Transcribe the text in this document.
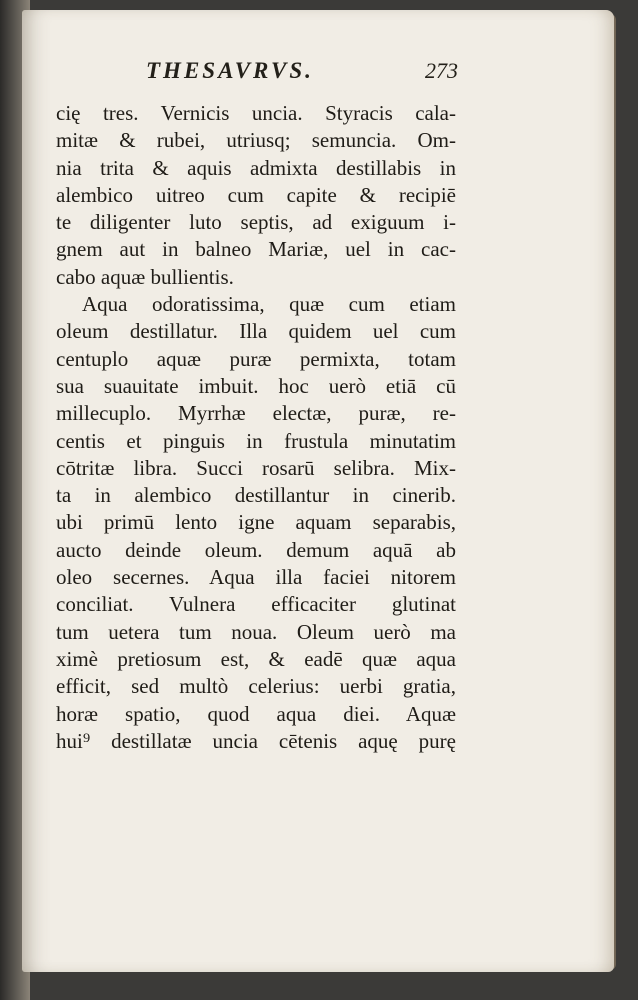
THESAVRVS.	273
cię tres. Vernicis uncia. Styracis cala-
mitæ & rubei, utriusq; semuncia. Om-
nia trita & aquis admixta destillabis in
alembico uitreo cum capite & recipiē
te diligenter luto septis, ad exiguum i-
gnem aut in balneo Mariæ, uel in cac-
cabo aquæ bullientis.
Aqua odoratissima, quæ cum etiam
oleum destillatur. Illa quidem uel cum
centuplo aquæ puræ permixta, totam
sua suauitate imbuit. hoc uerò etiā cū
millecuplo. Myrrhæ electæ, puræ, re-
centis et pinguis in frustula minutatim
cōtritæ libra. Succi rosarū selibra. Mix-
ta in alembico destillantur in cinerib.
ubi primū lento igne aquam separabis,
aucto deinde oleum. demum aquā ab
oleo secernes. Aqua illa faciei nitorem
conciliat. Vulnera efficaciter glutinat
tum uetera tum noua. Oleum uerò ma
ximè pretiosum est, & eadē quæ aqua
efficit, sed multò celerius: uerbi gratia,
horæ spatio, quod aqua diei. Aquæ
hui⁹ destillatæ uncia cētenis aquę purę
